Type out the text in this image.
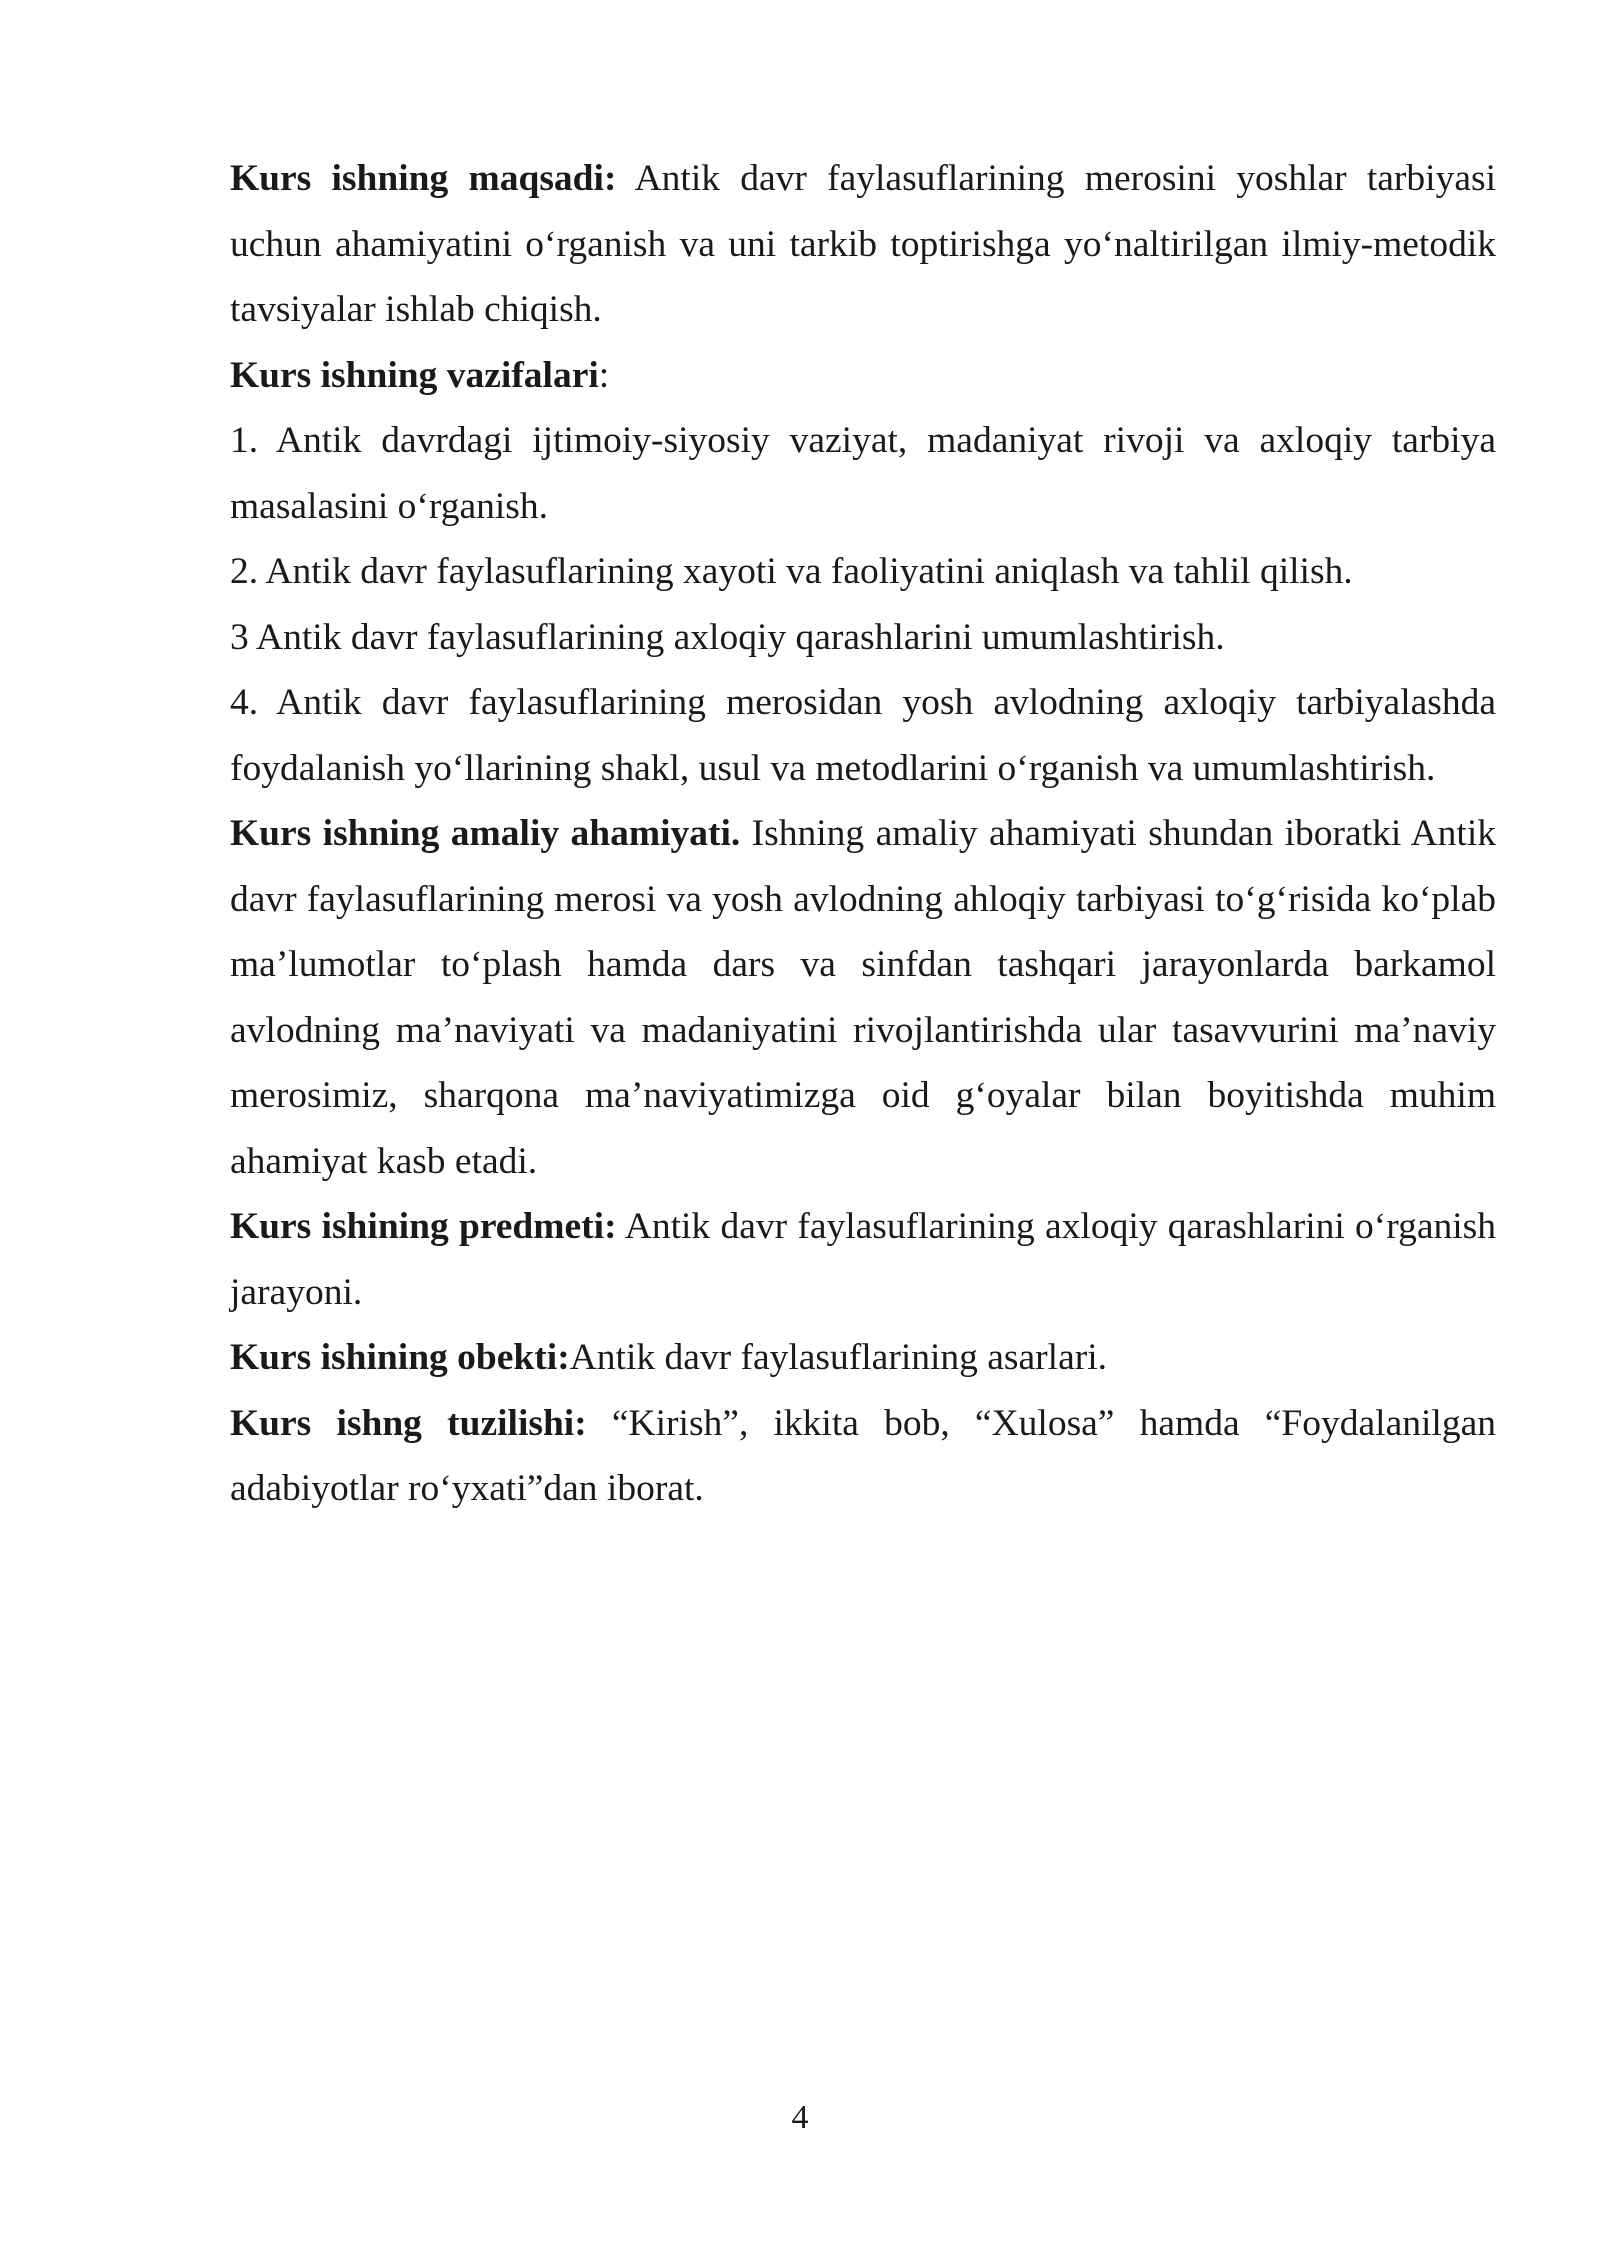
Kurs ishning maqsadi: Antik davr faylasuflarining merosini yoshlar tarbiyasi uchun ahamiyatini o‘rganish va uni tarkib toptirishga yo‘naltirilgan ilmiy-metodik tavsiyalar ishlab chiqish.

Kurs ishning vazifalari:

1. Antik davrdagi ijtimoiy-siyosiy vaziyat, madaniyat rivoji va axloqiy tarbiya masalasini o‘rganish.

2. Antik davr faylasuflarining xayoti va faoliyatini aniqlash va tahlil qilish.

3 Antik davr faylasuflarining axloqiy qarashlarini umumlashtirish.

4. Antik davr faylasuflarining merosidan yosh avlodning axloqiy tarbiyalashda foydalanish yo‘llarining shakl, usul va metodlarini o‘rganish va umumlashtirish.

Kurs ishning amaliy ahamiyati. Ishning amaliy ahamiyati shundan iboratki Antik davr faylasuflarining merosi va yosh avlodning ahloqiy tarbiyasi to‘g‘risida ko‘plab ma’lumotlar to‘plash hamda dars va sinfdan tashqari jarayonlarda barkamol avlodning ma’naviyati va madaniyatini rivojlantirishda ular tasavvurini ma’naviy merosimiz, sharqona ma’naviyatimizga oid g‘oyalar bilan boyitishda muhim ahamiyat kasb etadi.

Kurs ishining predmeti: Antik davr faylasuflarining axloqiy qarashlarini o‘rganish jarayoni.

Kurs ishining obekti:Antik davr faylasuflarining asarlari.

Kurs ishng tuzilishi: “Kirish”, ikkita bob, “Xulosa” hamda “Foydalanilgan adabiyotlar ro‘yxati”dan iborat.

4
